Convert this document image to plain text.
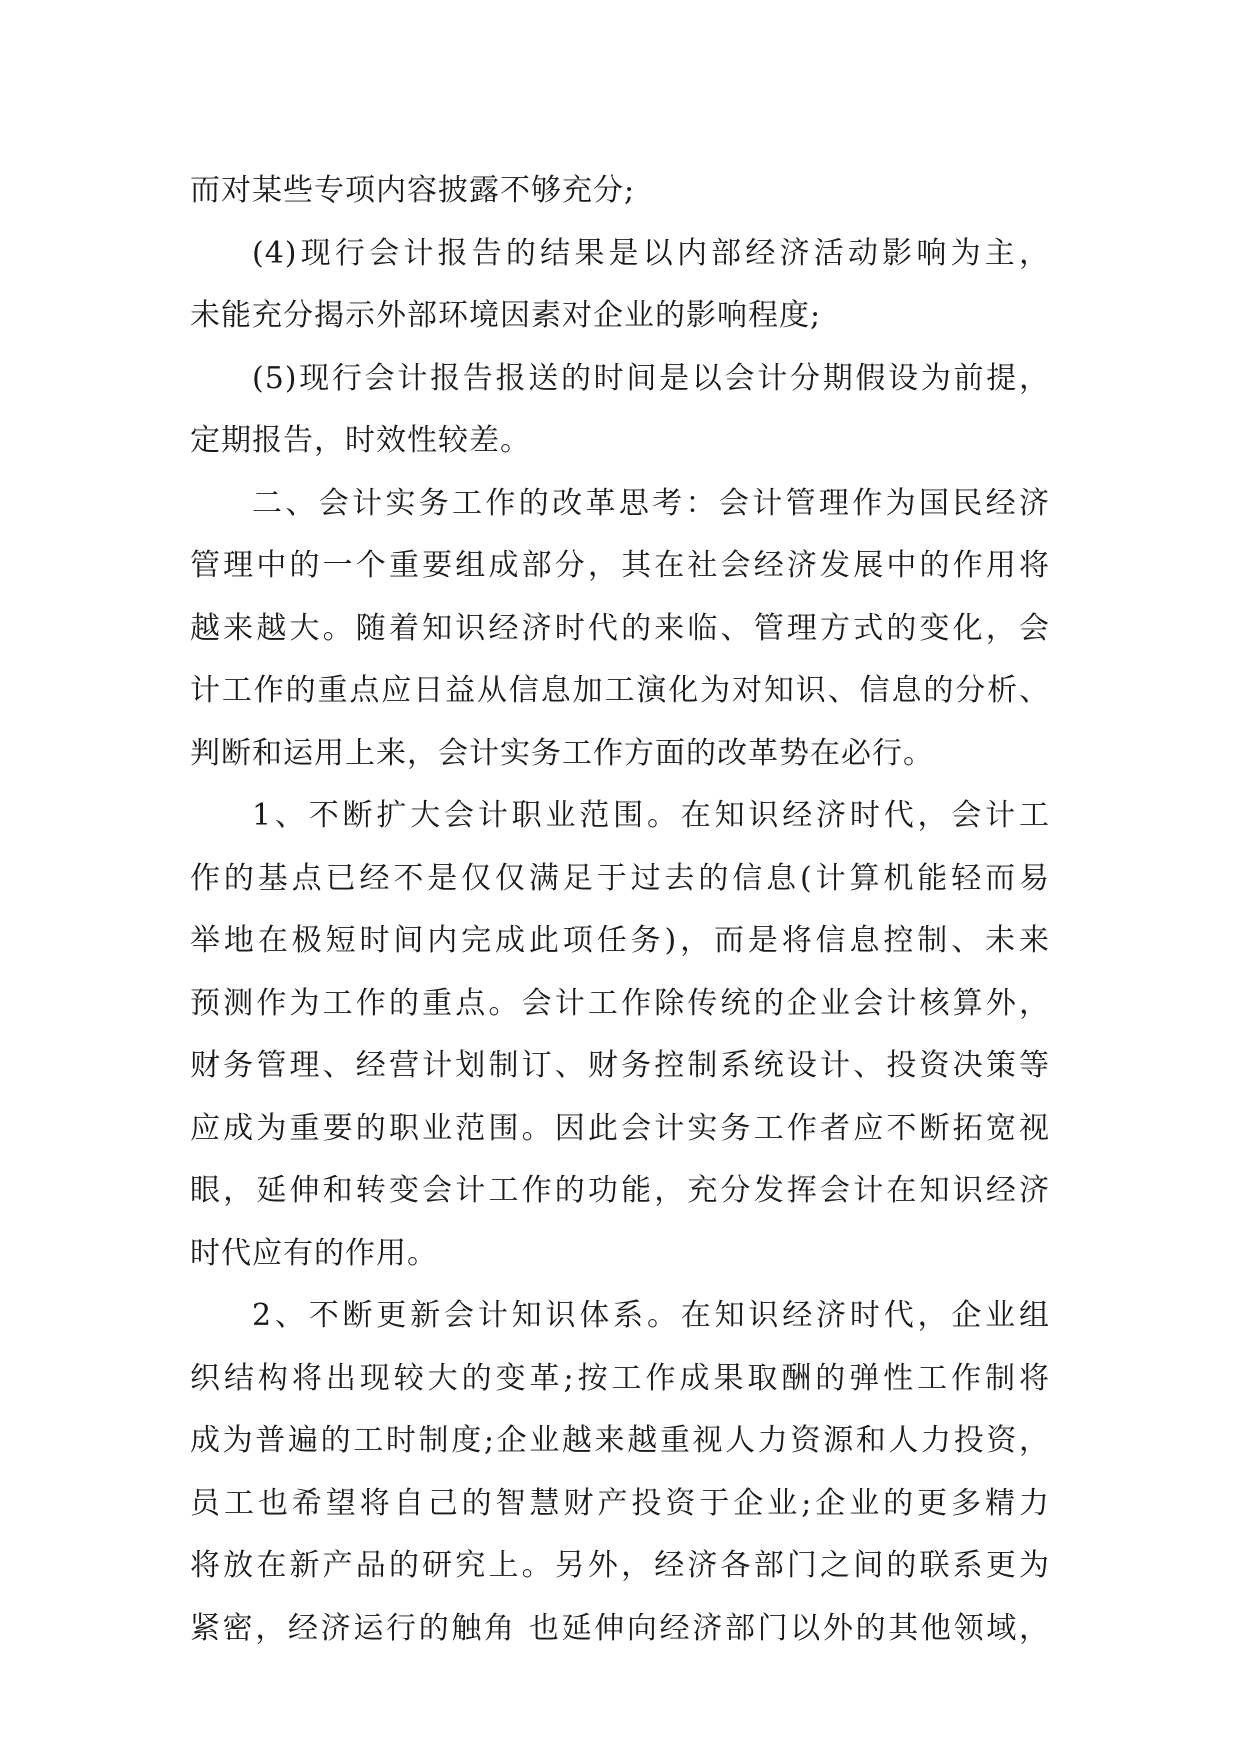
而对某些专项内容披露不够充分;
(4)现行会计报告的结果是以内部经济活动影响为主，
未能充分揭示外部环境因素对企业的影响程度;
(5)现行会计报告报送的时间是以会计分期假设为前提，
定期报告，时效性较差。
二、会计实务工作的改革思考：会计管理作为国民经济
管理中的一个重要组成部分，其在社会经济发展中的作用将
越来越大。随着知识经济时代的来临、管理方式的变化，会
计工作的重点应日益从信息加工演化为对知识、信息的分析、
判断和运用上来，会计实务工作方面的改革势在必行。
1、不断扩大会计职业范围。在知识经济时代，会计工
作的基点已经不是仅仅满足于过去的信息(计算机能轻而易
举地在极短时间内完成此项任务)，而是将信息控制、未来
预测作为工作的重点。会计工作除传统的企业会计核算外，
财务管理、经营计划制订、财务控制系统设计、投资决策等
应成为重要的职业范围。因此会计实务工作者应不断拓宽视
眼，延伸和转变会计工作的功能，充分发挥会计在知识经济
时代应有的作用。
2、不断更新会计知识体系。在知识经济时代，企业组
织结构将出现较大的变革;按工作成果取酬的弹性工作制将
成为普遍的工时制度;企业越来越重视人力资源和人力投资，
员工也希望将自己的智慧财产投资于企业;企业的更多精力
将放在新产品的研究上。另外，经济各部门之间的联系更为
紧密，经济运行的触角 也延伸向经济部门以外的其他领域，
